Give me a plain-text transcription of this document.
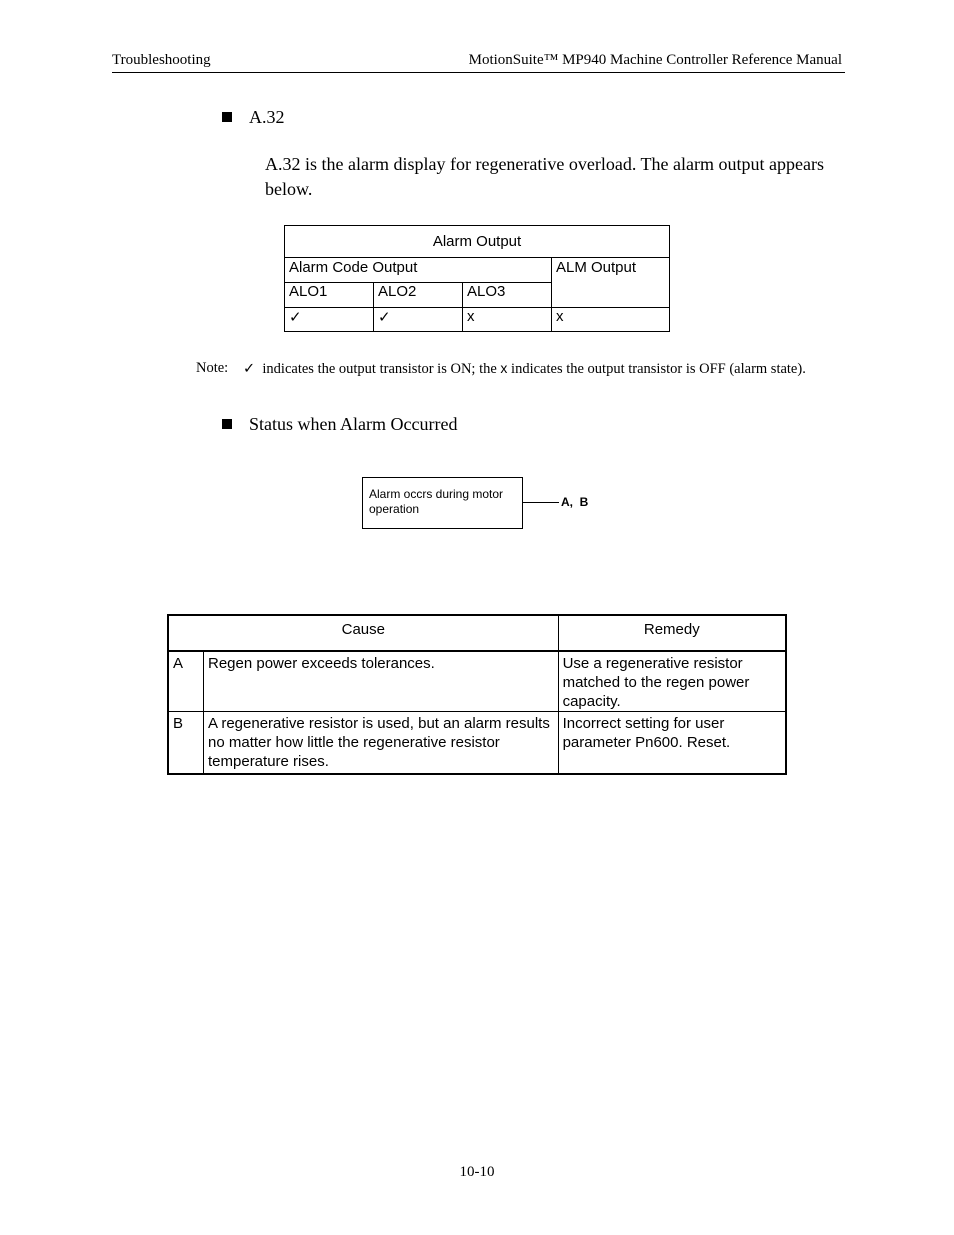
Troubleshooting	MotionSuite™ MP940 Machine Controller Reference Manual
A.32
A.32 is the alarm display for regenerative overload. The alarm output appears below.
Alarm Output			
Alarm Code Output			ALM Output
ALO1	ALO2	ALO3	
✓	✓	x	x
Note: ✓ indicates the output transistor is ON; the x indicates the output transistor is OFF (alarm state).
Status when Alarm Occurred
Alarm occrs during motor operation	A,  B
Cause		Remedy
A	Regen power exceeds tolerances.	Use a regenerative resistor matched to the regen power capacity.
B	A regenerative resistor is used, but an alarm results no matter how little the regenerative resistor temperature rises.	Incorrect setting for user parameter Pn600. Reset.
10-10
